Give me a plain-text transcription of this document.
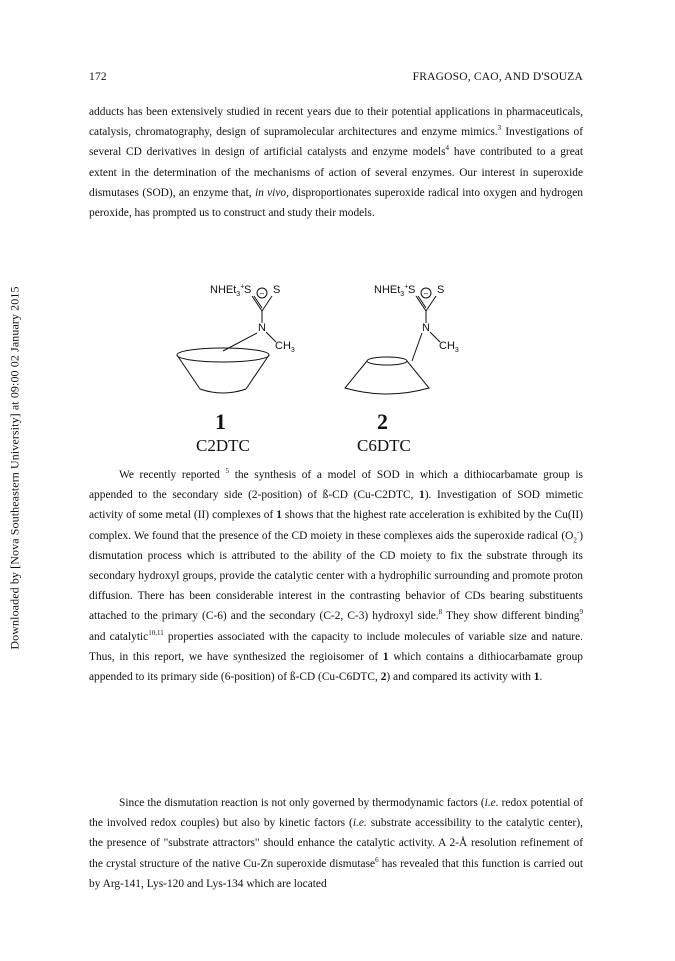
Downloaded by [Nova Southeastern University] at 09:00 02 January 2015
172	FRAGOSO, CAO, AND D'SOUZA

adducts has been extensively studied in recent years due to their potential applications in pharmaceuticals, catalysis, chromatography, design of supramolecular architectures and enzyme mimics.$^3$ Investigations of several CD derivatives in design of artificial catalysts and enzyme models$^4$ have contributed to a great extent in the determination of the mechanisms of action of several enzymes. Our interest in superoxide dismutases (SOD), an enzyme that, in vivo, disproportionates superoxide radical into oxygen and hydrogen peroxide, has prompted us to construct and study their models.

−	−
NHEt$_3$+ S S
N
$CH_3$
1
C2DTC
NHEt$_3$+ S S
N
$CH_3$
2
C6DTC

We recently reported $^5$ the synthesis of a model of SOD in which a dithiocarbamate group is appended to the secondary side (2-position) of ß-CD (Cu-C2DTC, 1). Investigation of SOD mimetic activity of some metal (II) complexes of 1 shows that the highest rate acceleration is exhibited by the Cu(II) complex. We found that the presence of the CD moiety in these complexes aids the superoxide radical $(O_2^-)$ dismutation process which is attributed to the ability of the CD moiety to fix the substrate through its secondary hydroxyl groups, provide the catalytic center with a hydrophilic surrounding and promote proton diffusion. There has been considerable interest in the contrasting behavior of CDs bearing substituents attached to the primary (C-6) and the secondary (C-2, C-3) hydroxyl side.$^8$ They show different binding$^9$ and catalytic$^{10,11}$ properties associated with the capacity to include molecules of variable size and nature. Thus, in this report, we have synthesized the regioisomer of 1 which contains a dithiocarbamate group appended to its primary side (6-position) of ß-CD (Cu-C6DTC, 2) and compared its activity with 1.

Since the dismutation reaction is not only governed by thermodynamic factors (i.e. redox potential of the involved redox couples) but also by kinetic factors (i.e. substrate accessibility to the catalytic center), the presence of "substrate attractors" should enhance the catalytic activity. A 2-Å resolution refinement of the crystal structure of the native Cu-Zn superoxide dismutase$^6$ has revealed that this function is carried out by Arg-141, Lys-120 and Lys-134 which are located
